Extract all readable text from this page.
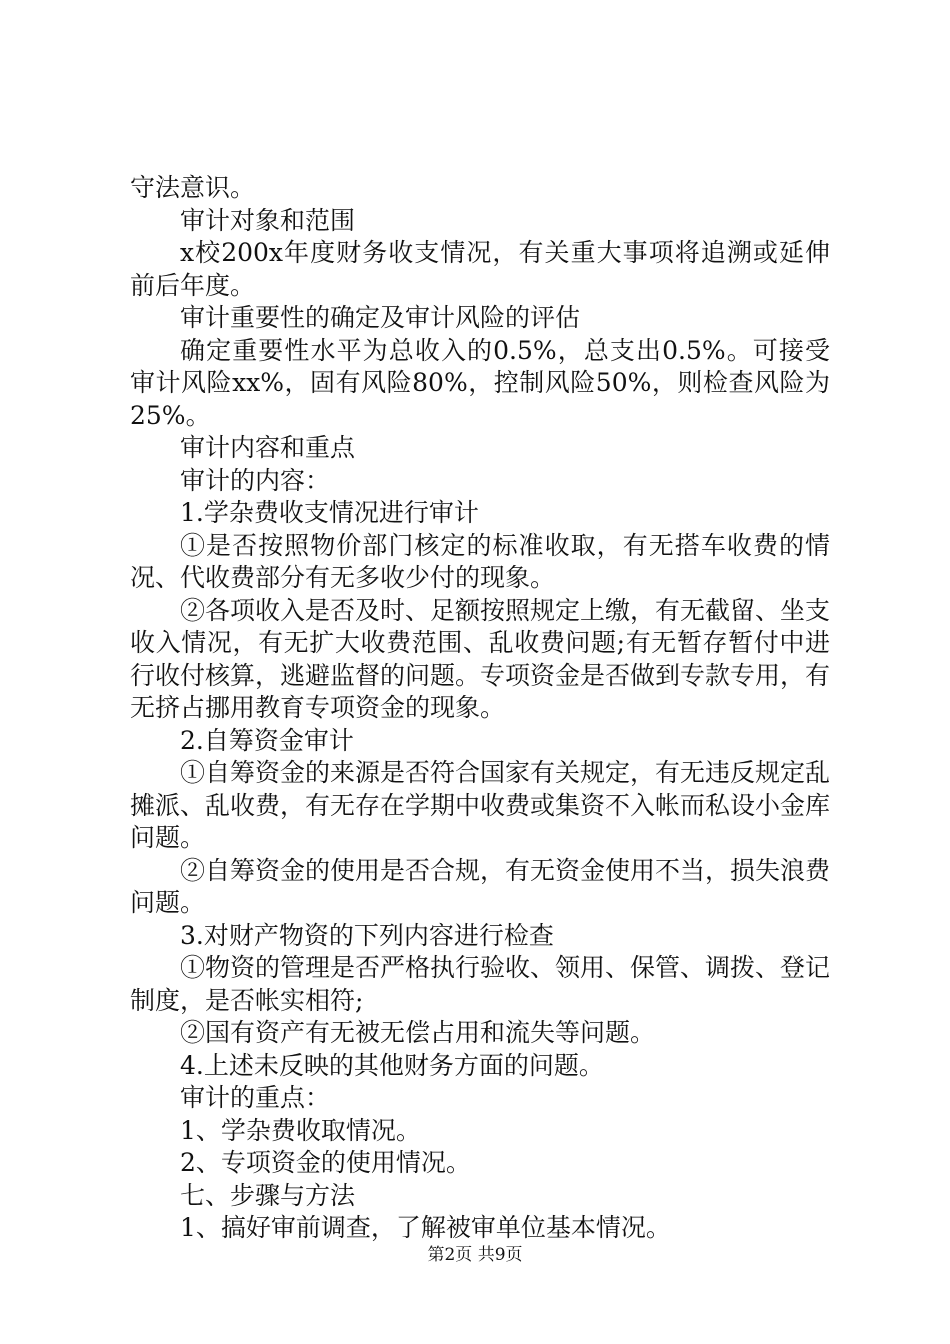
守法意识。

审计对象和范围

x校200x年度财务收支情况，有关重大事项将追溯或延伸前后年度。

审计重要性的确定及审计风险的评估

确定重要性水平为总收入的0.5%，总支出0.5%。可接受审计风险xx%，固有风险80%，控制风险50%，则检查风险为25%。

审计内容和重点

审计的内容：

1.学杂费收支情况进行审计

①是否按照物价部门核定的标准收取，有无搭车收费的情况、代收费部分有无多收少付的现象。

②各项收入是否及时、足额按照规定上缴，有无截留、坐支收入情况，有无扩大收费范围、乱收费问题;有无暂存暂付中进行收付核算，逃避监督的问题。专项资金是否做到专款专用，有无挤占挪用教育专项资金的现象。

2.自筹资金审计

①自筹资金的来源是否符合国家有关规定，有无违反规定乱摊派、乱收费，有无存在学期中收费或集资不入帐而私设小金库问题。

②自筹资金的使用是否合规，有无资金使用不当，损失浪费问题。

3.对财产物资的下列内容进行检查

①物资的管理是否严格执行验收、领用、保管、调拨、登记制度，是否帐实相符;

②国有资产有无被无偿占用和流失等问题。

4.上述未反映的其他财务方面的问题。

审计的重点：

1、学杂费收取情况。

2、专项资金的使用情况。

七、步骤与方法

1、搞好审前调查，了解被审单位基本情况。

第2页 共9页
